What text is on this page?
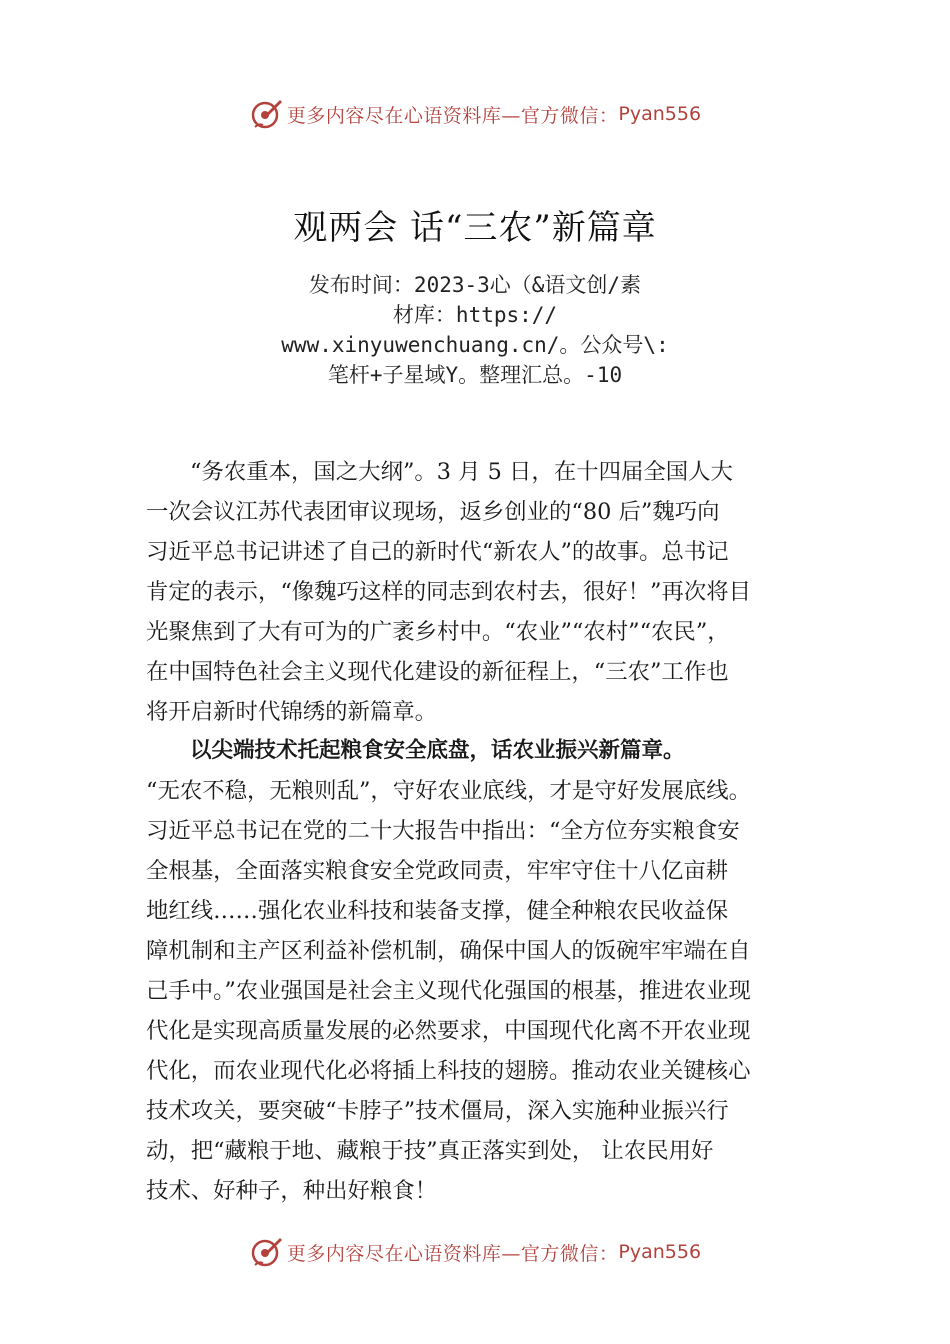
更多内容尽在心语资料库—官方微信： Pyan556
观两会 话“三农”新篇章
发布时间：2023-3心（&语文创/素
材库：https://
www.xinyuwenchuang.cn/。公众号\:
笔杆+子星域Y。整理汇总。-10
“务农重本，国之大纲”。3 月 5 日，在十四届全国人大
一次会议江苏代表团审议现场，返乡创业的“80 后”魏巧向
习近平总书记讲述了自己的新时代“新农人”的故事。总书记
肯定的表示，“像魏巧这样的同志到农村去，很好！”再次将目
光聚焦到了大有可为的广袤乡村中。“农业”“农村”“农民”，
在中国特色社会主义现代化建设的新征程上，“三农”工作也
将开启新时代锦绣的新篇章。
以尖端技术托起粮食安全底盘，话农业振兴新篇章。
“无农不稳，无粮则乱”，守好农业底线，才是守好发展底线。
习近平总书记在党的二十大报告中指出：“全方位夯实粮食安
全根基，全面落实粮食安全党政同责，牢牢守住十八亿亩耕
地红线……强化农业科技和装备支撑，健全种粮农民收益保
障机制和主产区利益补偿机制，确保中国人的饭碗牢牢端在自
己手中。”农业强国是社会主义现代化强国的根基，推进农业现
代化是实现高质量发展的必然要求，中国现代化离不开农业现
代化，而农业现代化必将插上科技的翅膀。推动农业关键核心
技术攻关，要突破“卡脖子”技术僵局，深入实施种业振兴行
动，把“藏粮于地、藏粮于技”真正落实到处， 让农民用好
技术、好种子，种出好粮食！
更多内容尽在心语资料库—官方微信： Pyan556
